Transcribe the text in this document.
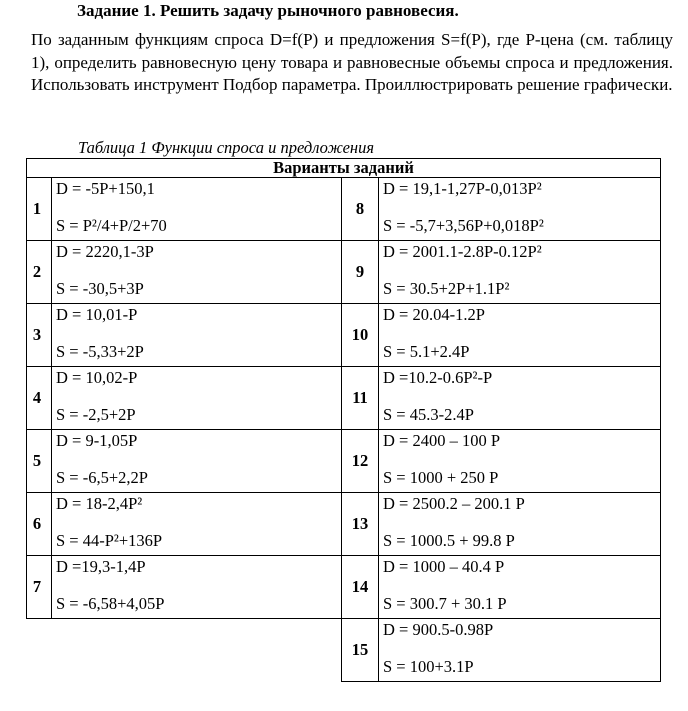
Задание 1. Решить задачу рыночного равновесия.

По заданным функциям спроса D=f(P) и предложения S=f(P), где P-цена (см. таблицу 1), определить равновесную цену товара и равновесные объемы спроса и предложения. Использовать инструмент Подбор параметра. Проиллюстрировать решение графически.

Таблица 1 Функции спроса и предложения
Варианты заданий			
1	D = -5P+150,1
S = P²/4+P/2+70	8	D = 19,1-1,27P-0,013P²
S = -5,7+3,56P+0,018P²

2	D = 2220,1-3P
S = -30,5+3P	9	D = 2001.1-2.8P-0.12P²
S = 30.5+2P+1.1P²

3	D = 10,01-P
S = -5,33+2P	10	D = 20.04-1.2P
S = 5.1+2.4P

4	D = 10,02-P
S = -2,5+2P	11	D =10.2-0.6P²-P
S = 45.3-2.4P

5	D = 9-1,05P
S = -6,5+2,2P	12	D = 2400 – 100 P
S = 1000 + 250 P

6	D = 18-2,4P²
S = 44-P²+136P	13	D = 2500.2 – 200.1 P
S = 1000.5 + 99.8 P

7	D =19,3-1,4P
S = -6,58+4,05P	14	D = 1000 – 40.4 P
S = 300.7 + 30.1 P

		15	D = 900.5-0.98P
S = 100+3.1P
